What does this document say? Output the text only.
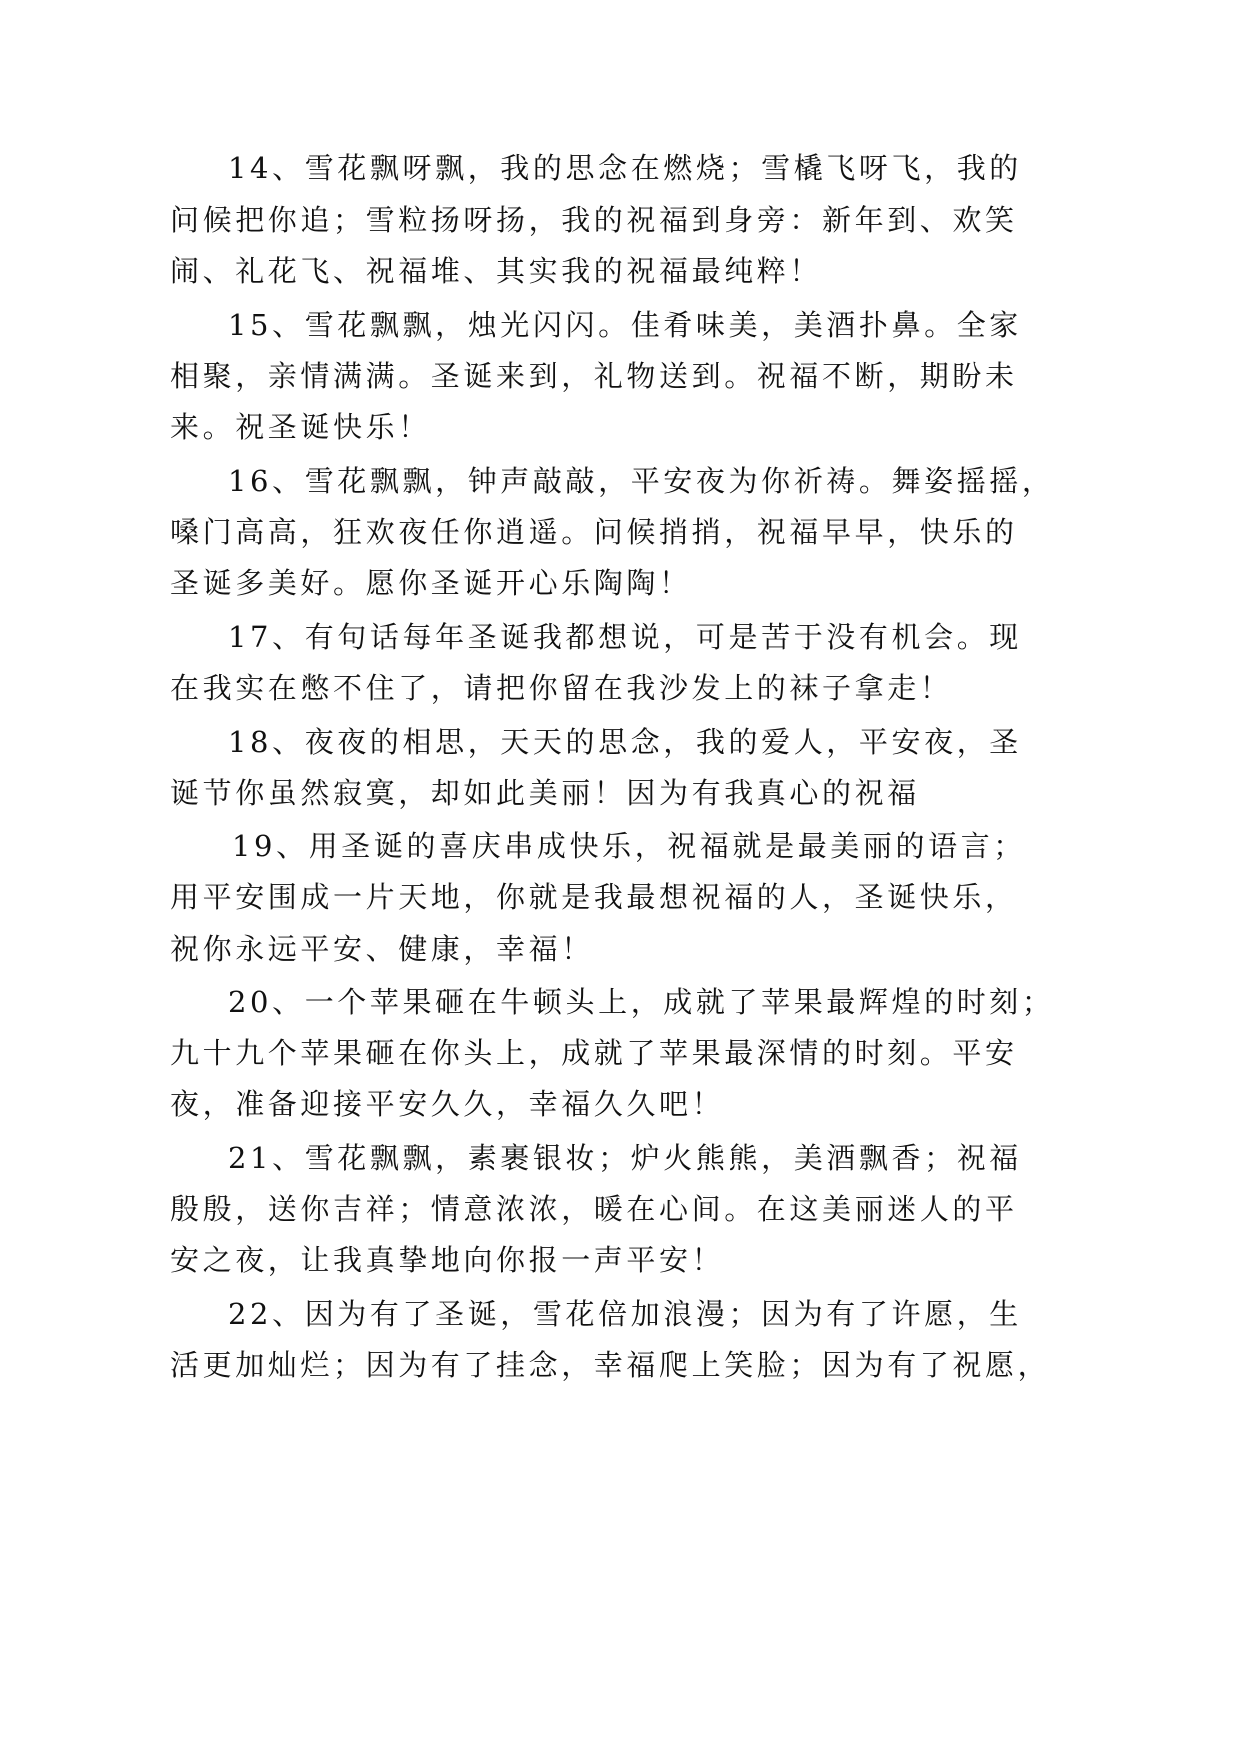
14、雪花飘呀飘，我的思念在燃烧；雪橇飞呀飞，我的
问候把你追；雪粒扬呀扬，我的祝福到身旁：新年到、欢笑
闹、礼花飞、祝福堆、其实我的祝福最纯粹！
15、雪花飘飘，烛光闪闪。佳肴味美，美酒扑鼻。全家
相聚，亲情满满。圣诞来到，礼物送到。祝福不断，期盼未
来。祝圣诞快乐！
16、雪花飘飘，钟声敲敲，平安夜为你祈祷。舞姿摇摇，
嗓门高高，狂欢夜任你逍遥。问候捎捎，祝福早早，快乐的
圣诞多美好。愿你圣诞开心乐陶陶！
17、有句话每年圣诞我都想说，可是苦于没有机会。现
在我实在憋不住了，请把你留在我沙发上的袜子拿走！
18、夜夜的相思，天天的思念，我的爱人，平安夜，圣
诞节你虽然寂寞，却如此美丽！因为有我真心的祝福
19、用圣诞的喜庆串成快乐，祝福就是最美丽的语言；
用平安围成一片天地，你就是我最想祝福的人，圣诞快乐，
祝你永远平安、健康，幸福！
20、一个苹果砸在牛顿头上，成就了苹果最辉煌的时刻；
九十九个苹果砸在你头上，成就了苹果最深情的时刻。平安
夜，准备迎接平安久久，幸福久久吧！
21、雪花飘飘，素裹银妆；炉火熊熊，美酒飘香；祝福
殷殷，送你吉祥；情意浓浓，暖在心间。在这美丽迷人的平
安之夜，让我真挚地向你报一声平安！
22、因为有了圣诞，雪花倍加浪漫；因为有了许愿，生
活更加灿烂；因为有了挂念，幸福爬上笑脸；因为有了祝愿，
